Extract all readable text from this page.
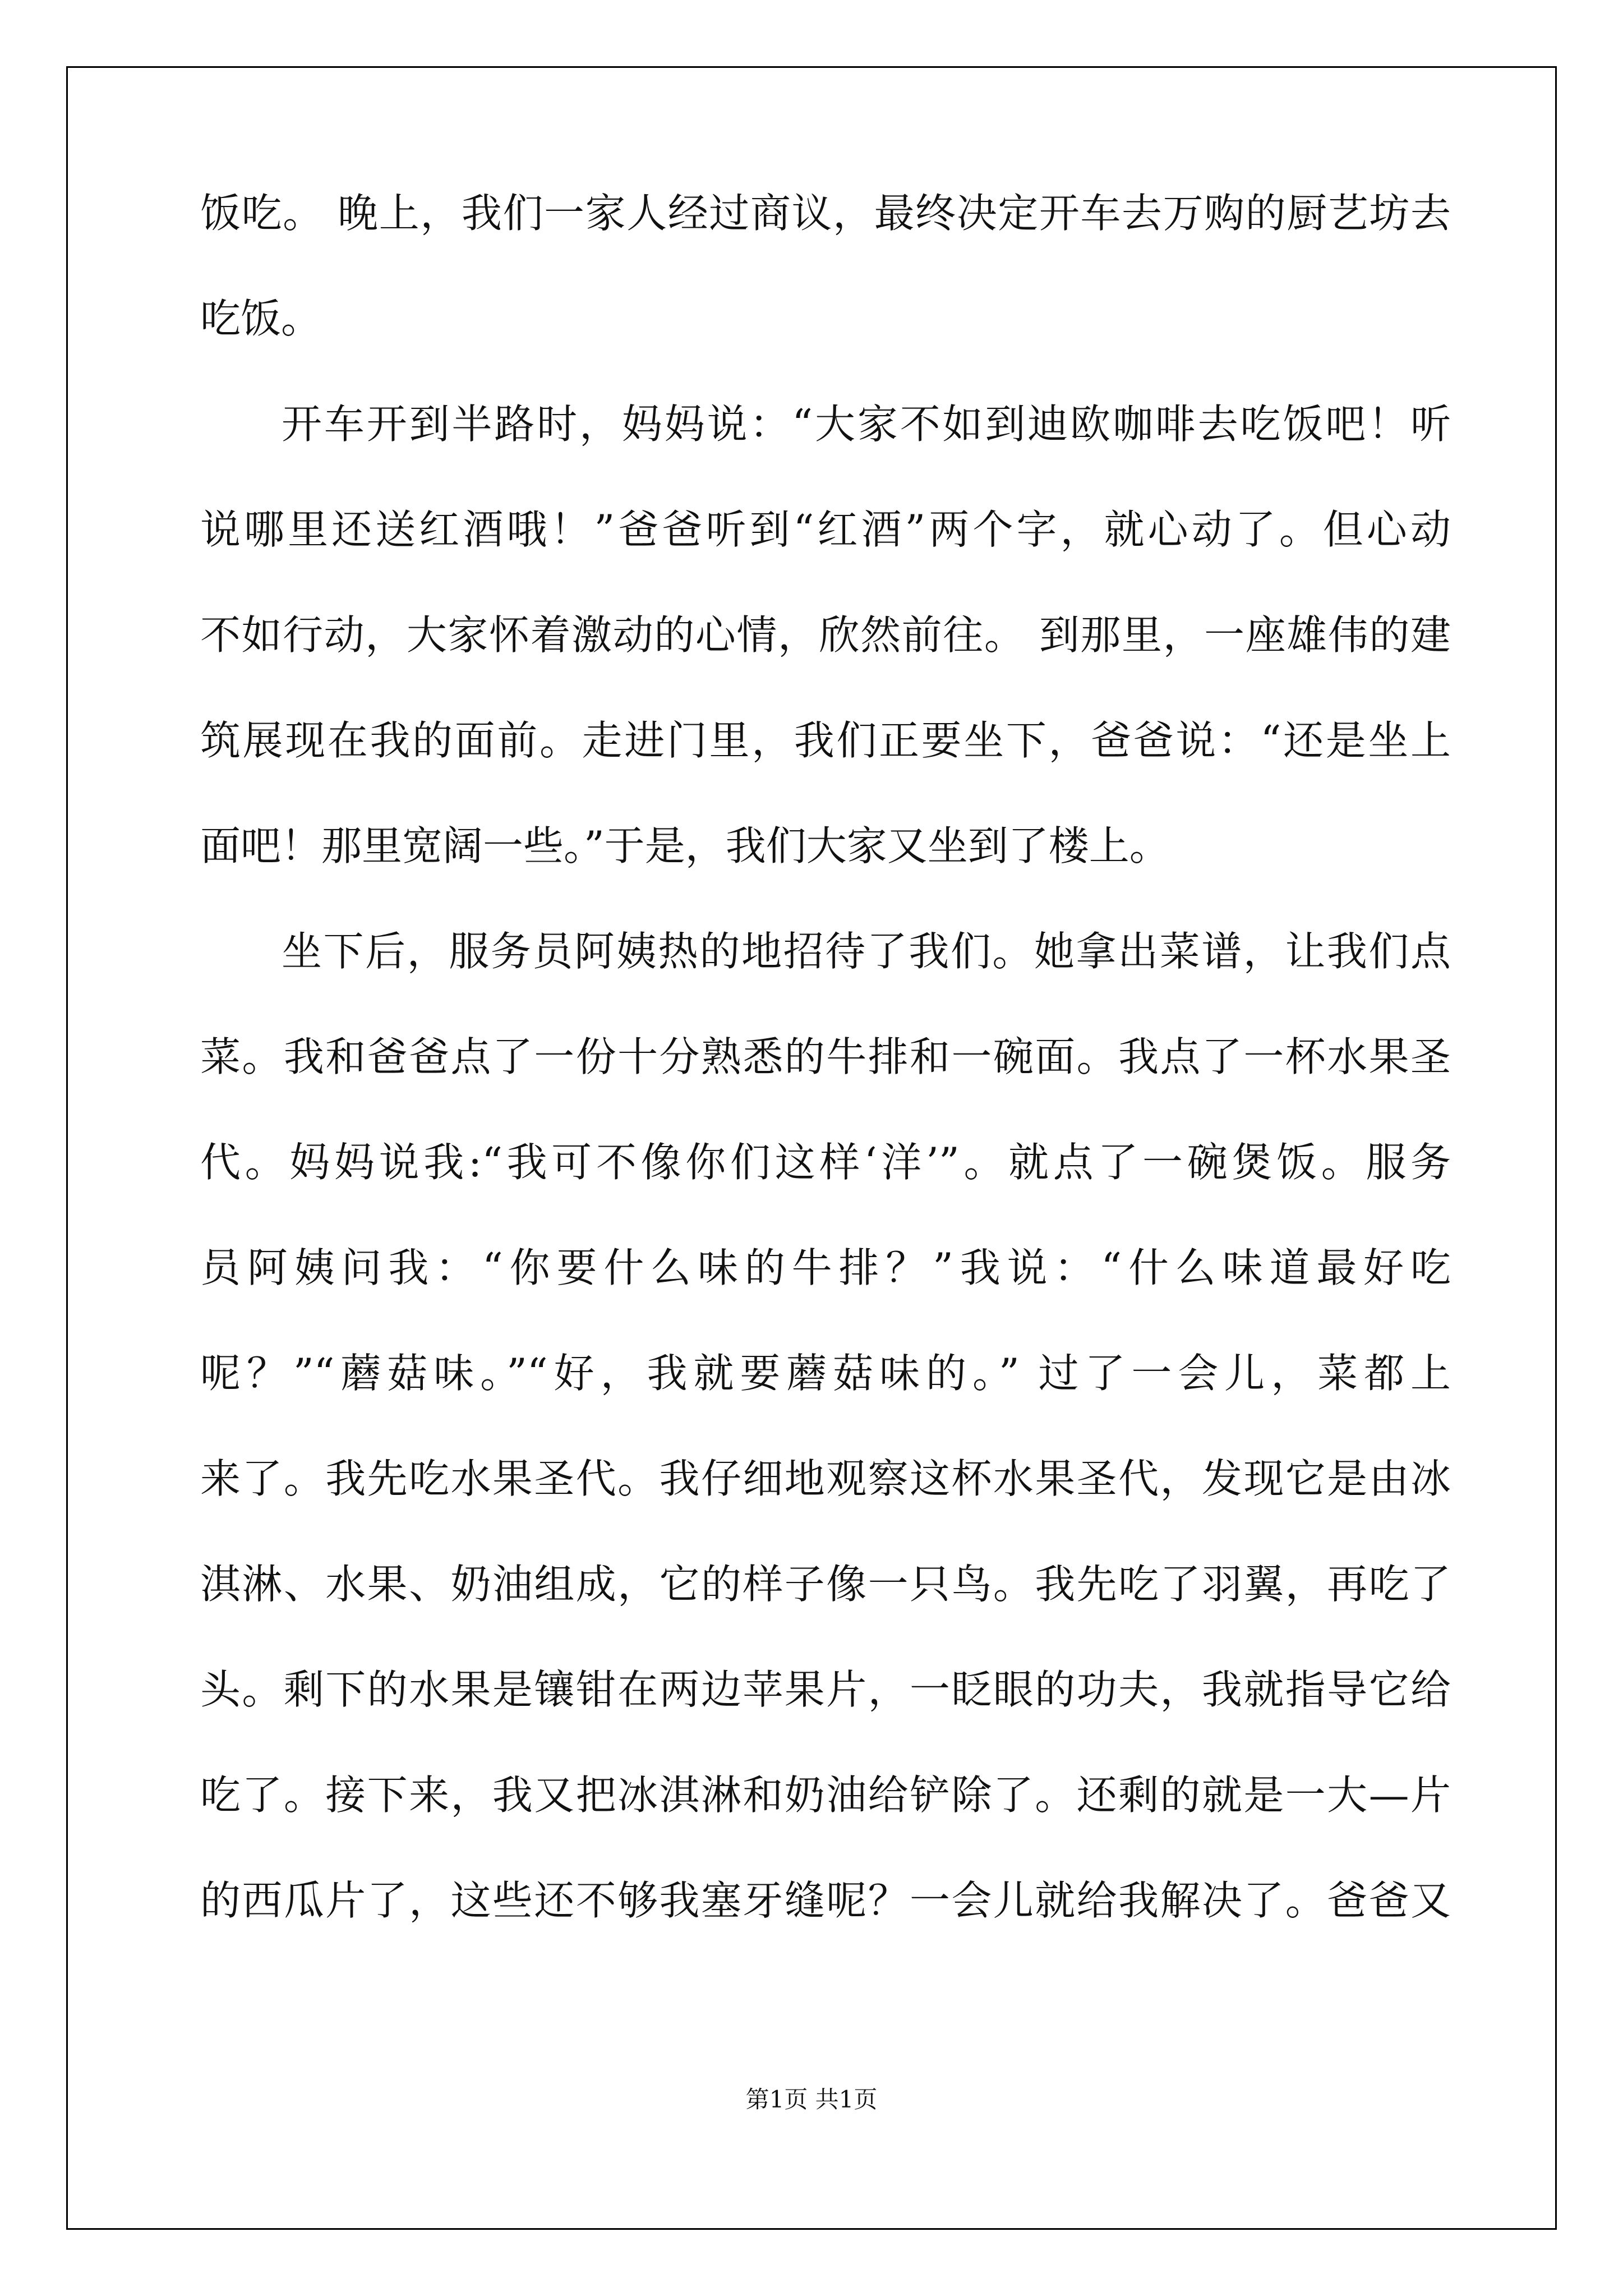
饭吃。 晚上，我们一家人经过商议，最终决定开车去万购的厨艺坊去
吃饭。
开车开到半路时，妈妈说：“大家不如到迪欧咖啡去吃饭吧！听
说哪里还送红酒哦！”爸爸听到“红酒”两个字，就心动了。但心动
不如行动，大家怀着激动的心情，欣然前往。 到那里，一座雄伟的建
筑展现在我的面前。走进门里，我们正要坐下，爸爸说：“还是坐上
面吧！那里宽阔一些。”于是，我们大家又坐到了楼上。
坐下后，服务员阿姨热的地招待了我们。她拿出菜谱，让我们点
菜。我和爸爸点了一份十分熟悉的牛排和一碗面。我点了一杯水果圣
代。妈妈说我:“我可不像你们这样‘洋’”。就点了一碗煲饭。服务
员阿姨问我：“你要什么味的牛排？”我说：“什么味道最好吃
呢？”“蘑菇味。”“好，我就要蘑菇味的。” 过了一会儿，菜都上
来了。我先吃水果圣代。我仔细地观察这杯水果圣代，发现它是由冰
淇淋、水果、奶油组成，它的样子像一只鸟。我先吃了羽翼，再吃了
头。剩下的水果是镶钳在两边苹果片，一眨眼的功夫，我就指导它给
吃了。接下来，我又把冰淇淋和奶油给铲除了。还剩的就是一大—片
的西瓜片了，这些还不够我塞牙缝呢？一会儿就给我解决了。爸爸又
第1页 共1页
